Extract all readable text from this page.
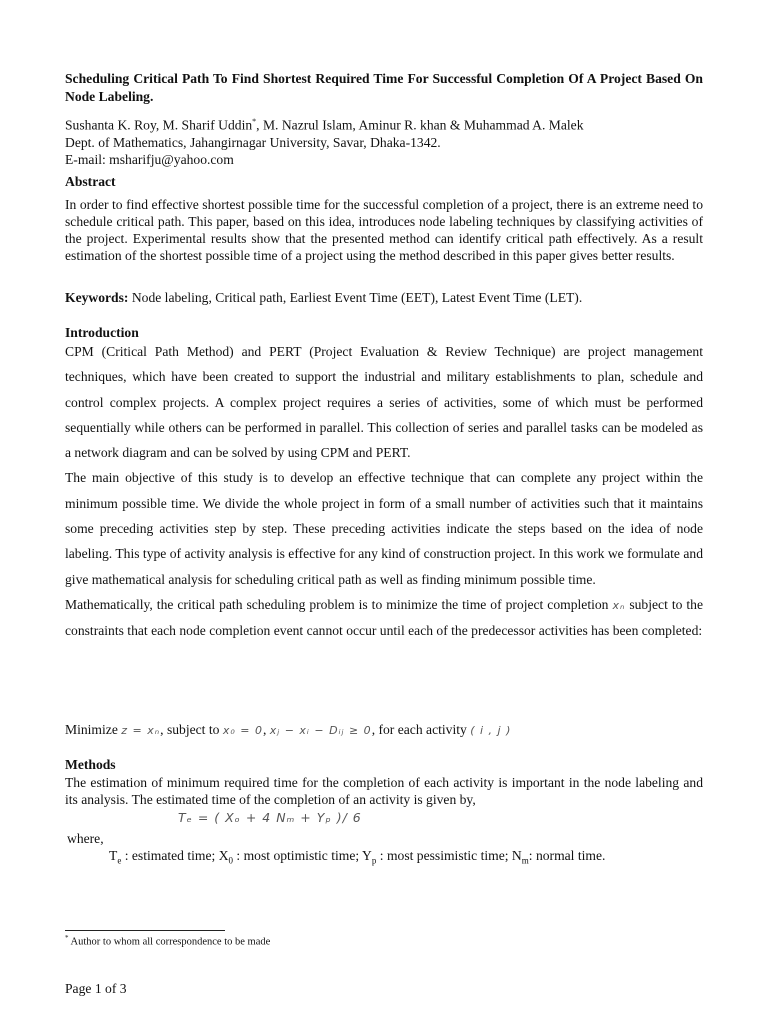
Scheduling Critical Path To Find Shortest Required Time For Successful Completion Of A Project Based On Node Labeling.
Sushanta K. Roy, M. Sharif Uddin*, M. Nazrul Islam, Aminur R. khan & Muhammad A. Malek
Dept. of Mathematics, Jahangirnagar University, Savar, Dhaka-1342.
E-mail: msharifju@yahoo.com
Abstract
In order to find effective shortest possible time for the successful completion of a project, there is an extreme need to schedule critical path. This paper, based on this idea, introduces node labeling techniques by classifying activities of the project. Experimental results show that the presented method can identify critical path effectively. As a result estimation of the shortest possible time of a project using the method described in this paper gives better results.
Keywords: Node labeling, Critical path, Earliest Event Time (EET), Latest Event Time (LET).
Introduction

CPM (Critical Path Method) and PERT (Project Evaluation & Review Technique) are project management techniques, which have been created to support the industrial and military establishments to plan, schedule and control complex projects. A complex project requires a series of activities, some of which must be performed sequentially while others can be performed in parallel. This collection of series and parallel tasks can be modeled as a network diagram and can be solved by using CPM and PERT.

The main objective of this study is to develop an effective technique that can complete any project within the minimum possible time. We divide the whole project in form of a small number of activities such that it maintains some preceding activities step by step. These preceding activities indicate the steps based on the idea of node labeling. This type of activity analysis is effective for any kind of construction project. In this work we formulate and give mathematical analysis for scheduling critical path as well as finding minimum possible time.

Mathematically, the critical path scheduling problem is to minimize the time of project completion xₙ subject to the constraints that each node completion event cannot occur until each of the predecessor activities has been completed:

Minimize z = xₙ, subject to x₀ = 0, xⱼ − xᵢ − Dᵢⱼ ≥ 0, for each activity ( i , j )
Methods
The estimation of minimum required time for the completion of each activity is important in the node labeling and its analysis. The estimated time of the completion of an activity is given by,
Tₑ = ( Xₒ + 4 Nₘ + Yₚ )/ 6
where,
$T_e$ : estimated time; $X_0$ : most optimistic time; $Y_p$ : most pessimistic time; $N_m$: normal time.
* Author to whom all correspondence to be made
Page 1 of 3
